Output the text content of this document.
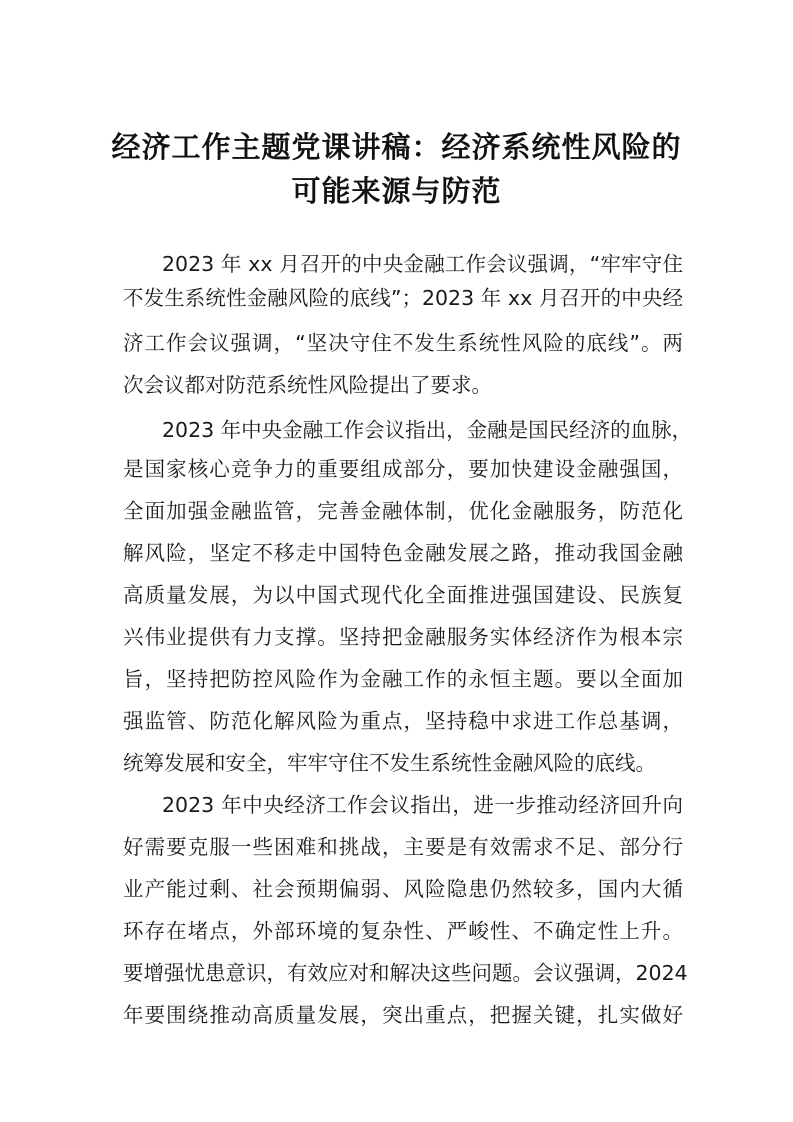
经济工作主题党课讲稿：经济系统性风险的
可能来源与防范
2023 年 xx 月召开的中央金融工作会议强调，“牢牢守住
不发生系统性金融风险的底线”；2023 年 xx 月召开的中央经
济工作会议强调，“坚决守住不发生系统性风险的底线”。两
次会议都对防范系统性风险提出了要求。
2023 年中央金融工作会议指出，金融是国民经济的血脉，
是国家核心竞争力的重要组成部分，要加快建设金融强国，
全面加强金融监管，完善金融体制，优化金融服务，防范化
解风险，坚定不移走中国特色金融发展之路，推动我国金融
高质量发展，为以中国式现代化全面推进强国建设、民族复
兴伟业提供有力支撑。坚持把金融服务实体经济作为根本宗
旨，坚持把防控风险作为金融工作的永恒主题。要以全面加
强监管、防范化解风险为重点，坚持稳中求进工作总基调，
统筹发展和安全，牢牢守住不发生系统性金融风险的底线。
2023 年中央经济工作会议指出，进一步推动经济回升向
好需要克服一些困难和挑战，主要是有效需求不足、部分行
业产能过剩、社会预期偏弱、风险隐患仍然较多，国内大循
环存在堵点，外部环境的复杂性、严峻性、不确定性上升。
要增强忧患意识，有效应对和解决这些问题。会议强调，2024
年要围绕推动高质量发展，突出重点，把握关键，扎实做好
